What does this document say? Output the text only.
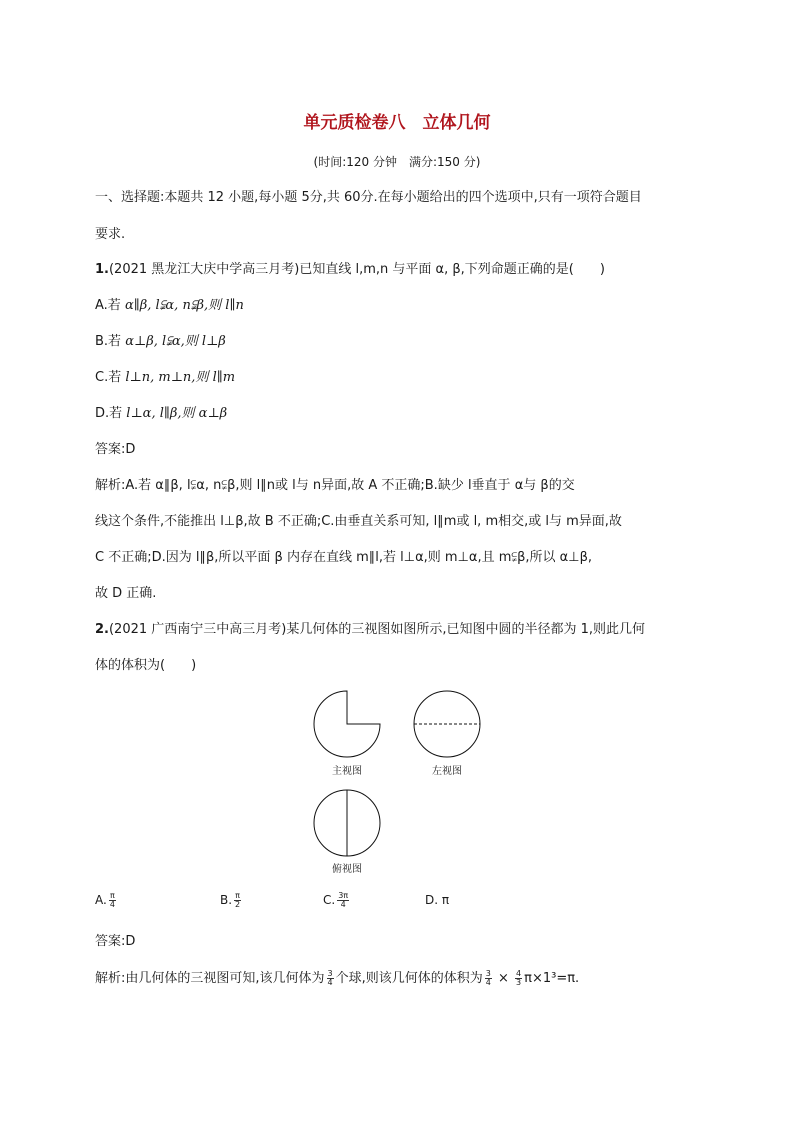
单元质检卷八　立体几何
(时间:120 分钟　满分:150 分)
一、选择题:本题共 12 小题,每小题 5分,共 60分.在每小题给出的四个选项中,只有一项符合题目
要求.
1.(2021 黑龙江大庆中学高三月考)已知直线 l,m,n 与平面 α, β,下列命题正确的是(　　)
A.若 α∥β, l⫋α, n⫋β,则 l∥n
B.若 α⊥β, l⫋α,则 l⊥β
C.若 l⊥n, m⊥n,则 l∥m
D.若 l⊥α, l∥β,则 α⊥β
答案:D
解析:A.若 α∥β, l⫋α, n⫋β,则 l∥n或 l与 n异面,故 A 不正确;B.缺少 l垂直于 α与 β的交
线这个条件,不能推出 l⊥β,故 B 不正确;C.由垂直关系可知, l∥m或 l, m相交,或 l与 m异面,故
C 不正确;D.因为 l∥β,所以平面 β 内存在直线 m∥l,若 l⊥α,则 m⊥α,且 m⫋β,所以 α⊥β,
故 D 正确.
2.(2021 广西南宁三中高三月考)某几何体的三视图如图所示,已知图中圆的半径都为 1,则此几何
体的体积为(　　)
主视图	左视图
俯视图
A. $\frac{\pi}{4}$	B. $\frac{\pi}{2}$	C. $\frac{3\pi}{4}$	D. π
答案:D
解析:由几何体的三视图可知,该几何体为 $\frac{3}{4}$ 个球,则该几何体的体积为 $\frac{3}{4} \times \frac{4}{3} \pi\times 1^3=\pi$.
